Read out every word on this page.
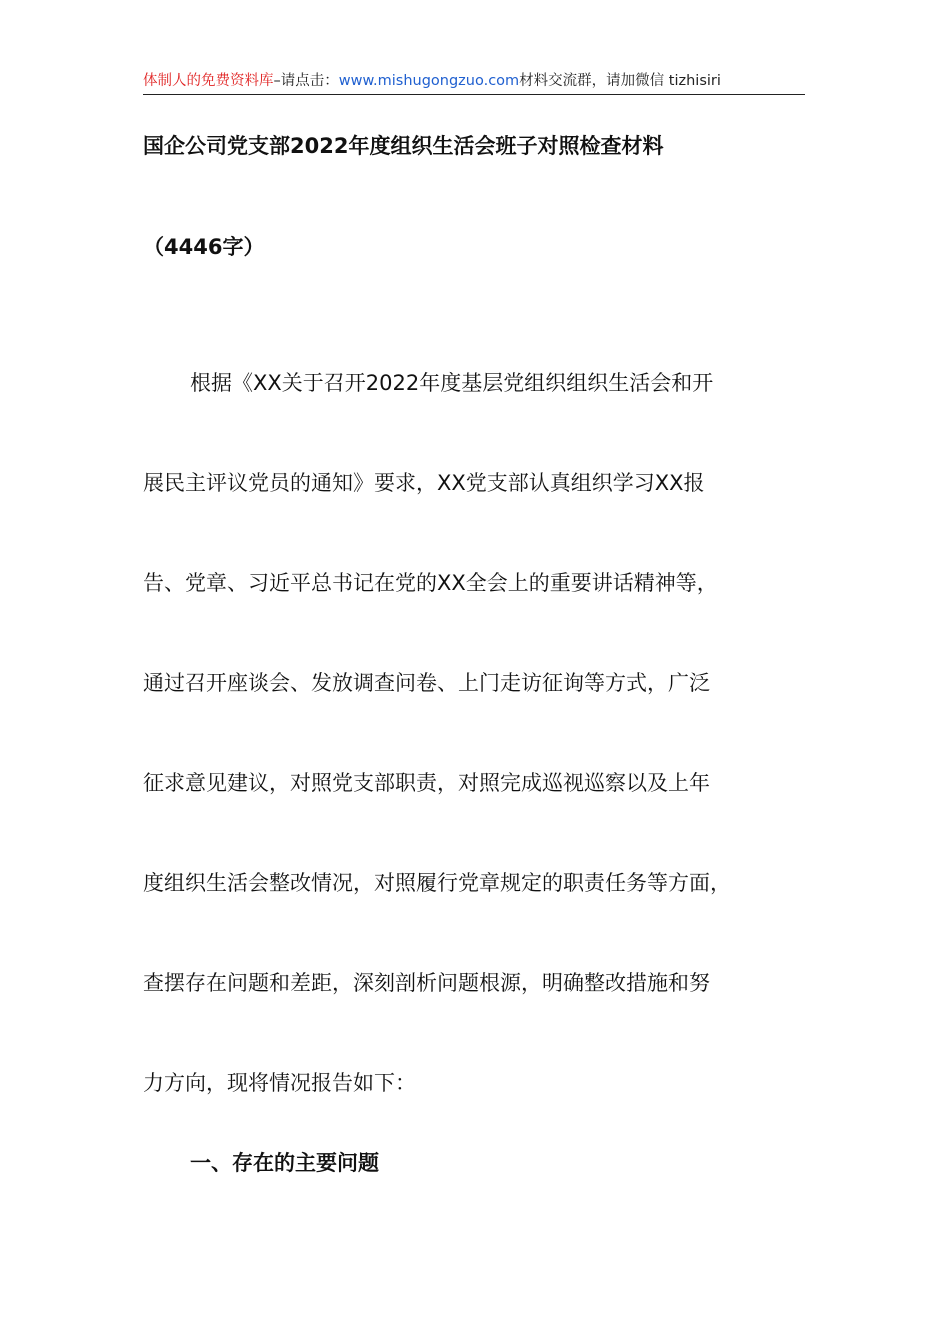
体制人的免费资料库–请点击：www.mishugongzuo.com材料交流群，请加微信 tizhisiri
国企公司党支部2022年度组织生活会班子对照检查材料
（4446字）
根据《XX关于召开2022年度基层党组织组织生活会和开
展民主评议党员的通知》要求，XX党支部认真组织学习XX报
告、党章、习近平总书记在党的XX全会上的重要讲话精神等，
通过召开座谈会、发放调查问卷、上门走访征询等方式，广泛
征求意见建议，对照党支部职责，对照完成巡视巡察以及上年
度组织生活会整改情况，对照履行党章规定的职责任务等方面，
查摆存在问题和差距，深刻剖析问题根源，明确整改措施和努
力方向，现将情况报告如下：
一、存在的主要问题
